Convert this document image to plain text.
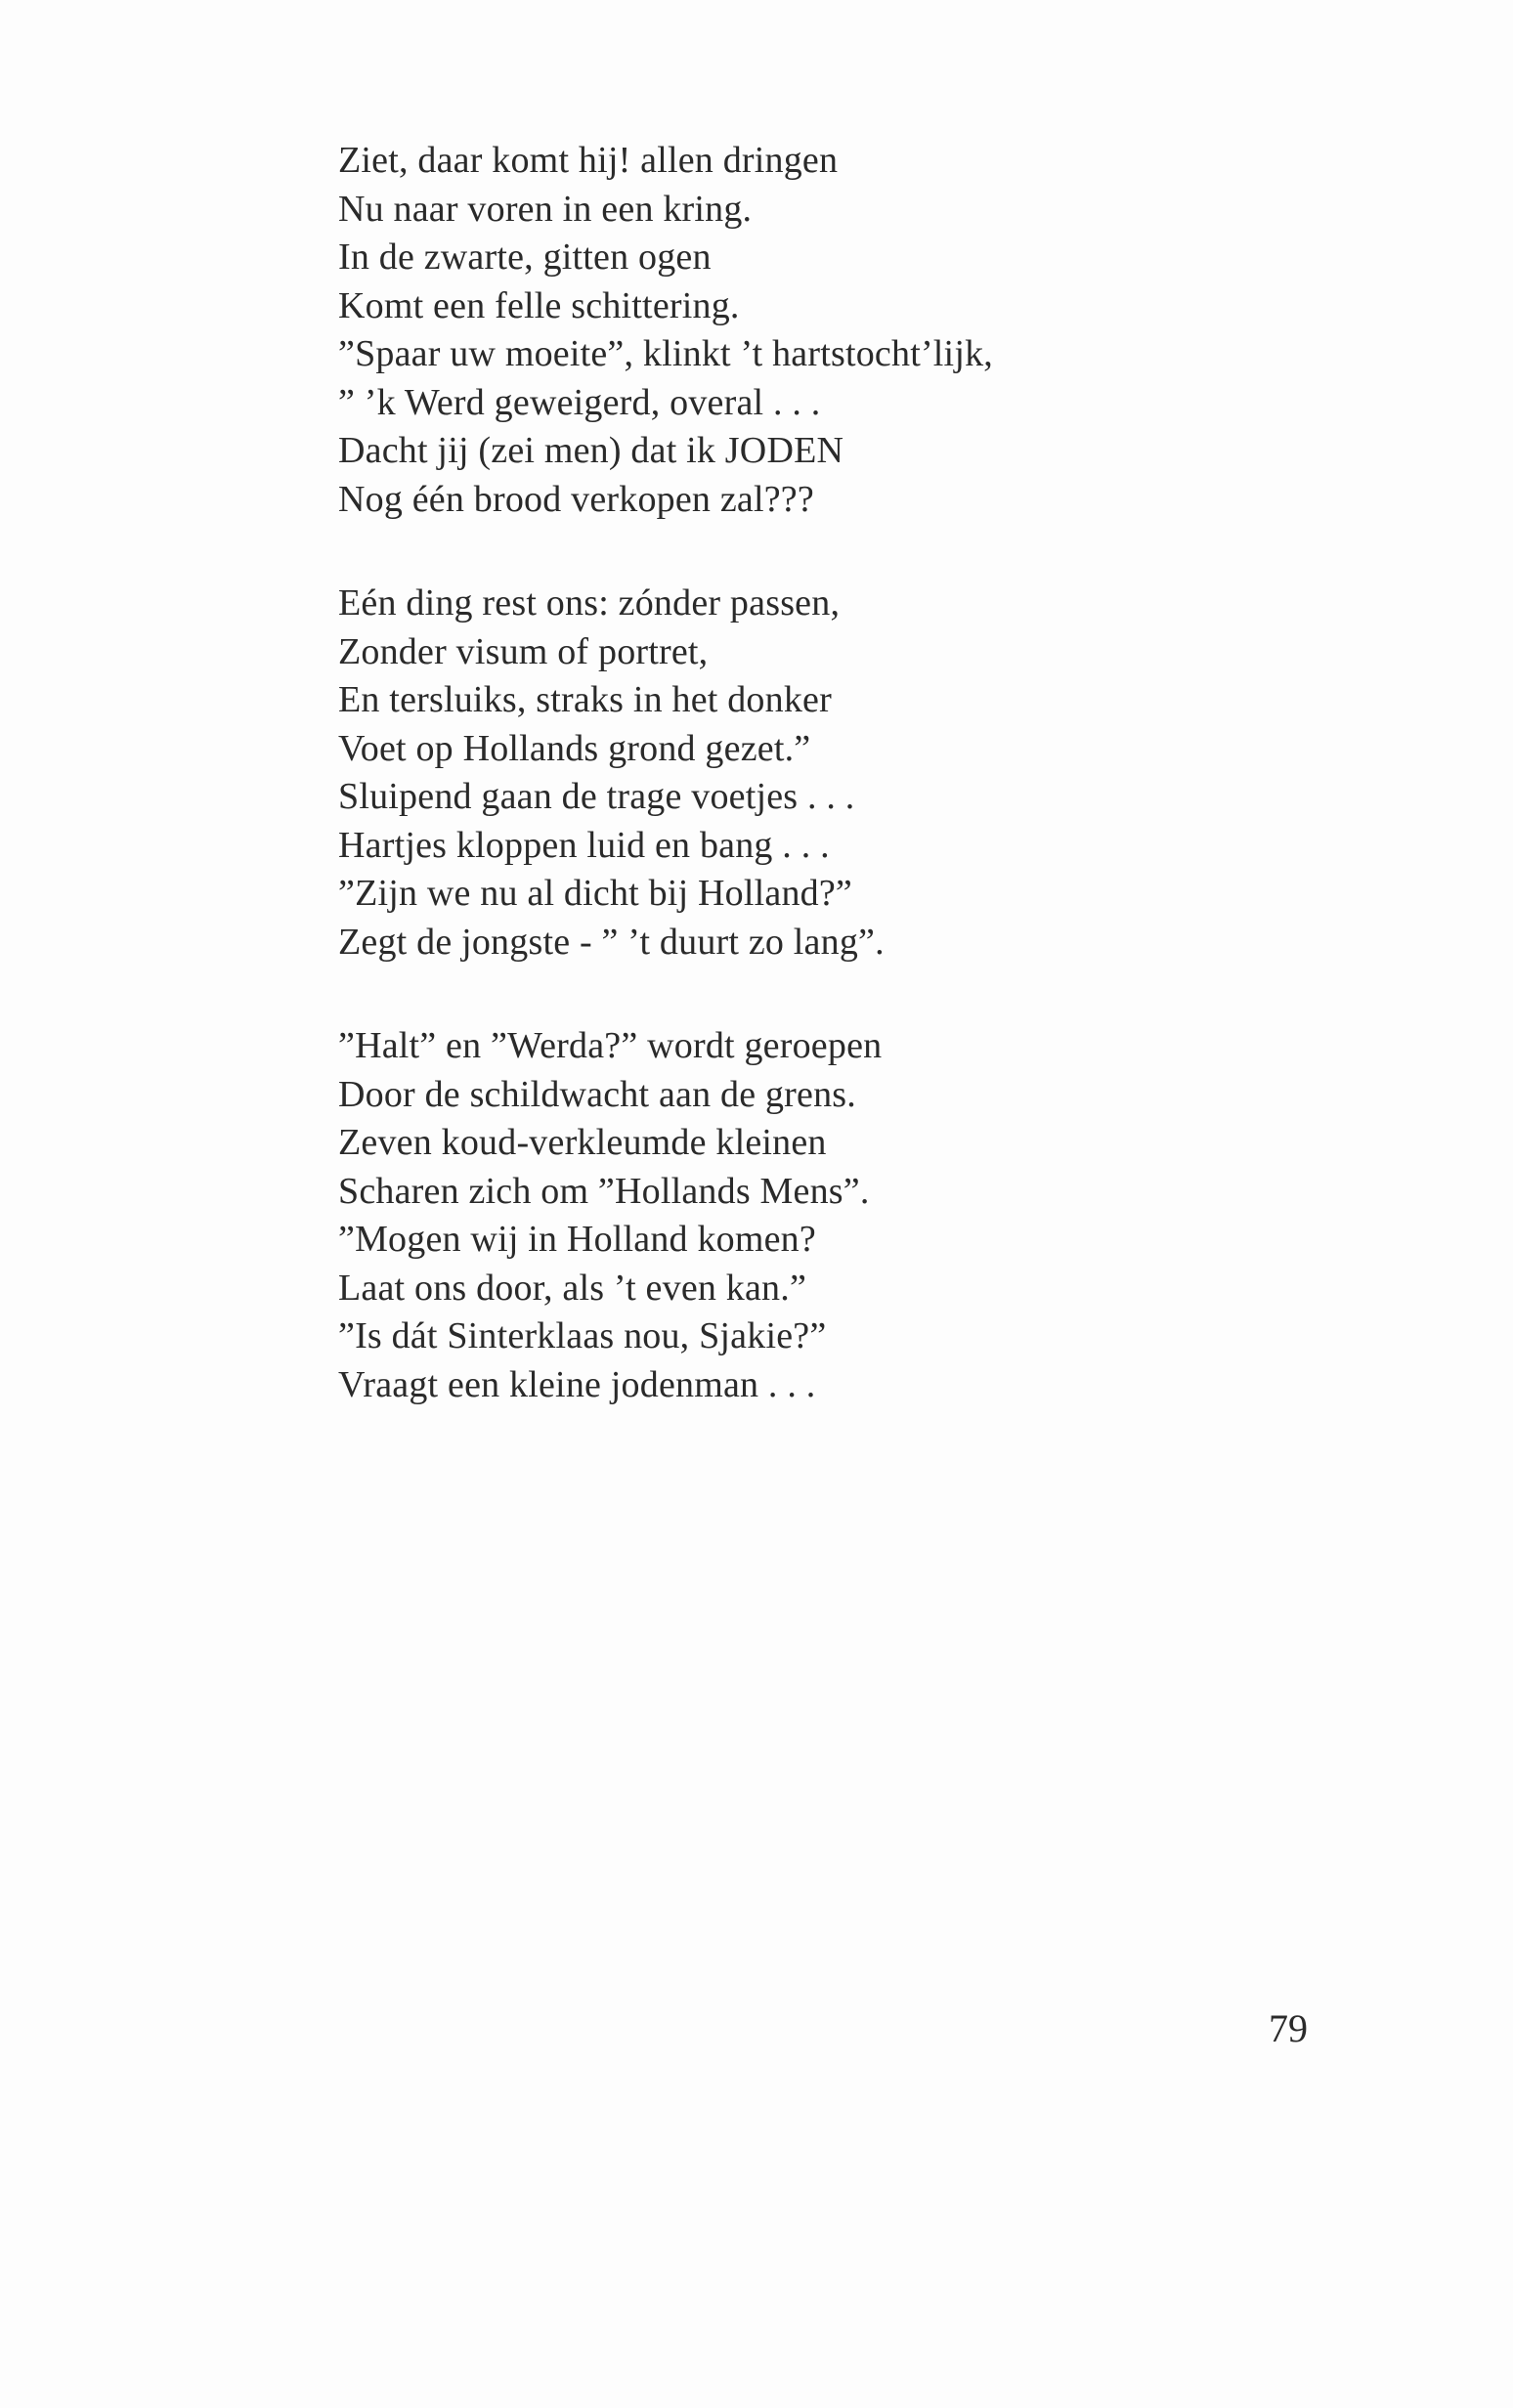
Ziet, daar komt hij! allen dringen
Nu naar voren in een kring.
In de zwarte, gitten ogen
Komt een felle schittering.
”Spaar uw moeite”, klinkt ’t hartstocht’lijk,
” ’k Werd geweigerd, overal . . .
Dacht jij (zei men) dat ik JODEN
Nog één brood verkopen zal???
Eén ding rest ons: zónder passen,
Zonder visum of portret,
En tersluiks, straks in het donker
Voet op Hollands grond gezet.”
Sluipend gaan de trage voetjes . . .
Hartjes kloppen luid en bang . . .
”Zijn we nu al dicht bij Holland?”
Zegt de jongste - ” ’t duurt zo lang”.
”Halt” en ”Werda?” wordt geroepen
Door de schildwacht aan de grens.
Zeven koud-verkleumde kleinen
Scharen zich om ”Hollands Mens”.
”Mogen wij in Holland komen?
Laat ons door, als ’t even kan.”
”Is dát Sinterklaas nou, Sjakie?”
Vraagt een kleine jodenman . . .
79
